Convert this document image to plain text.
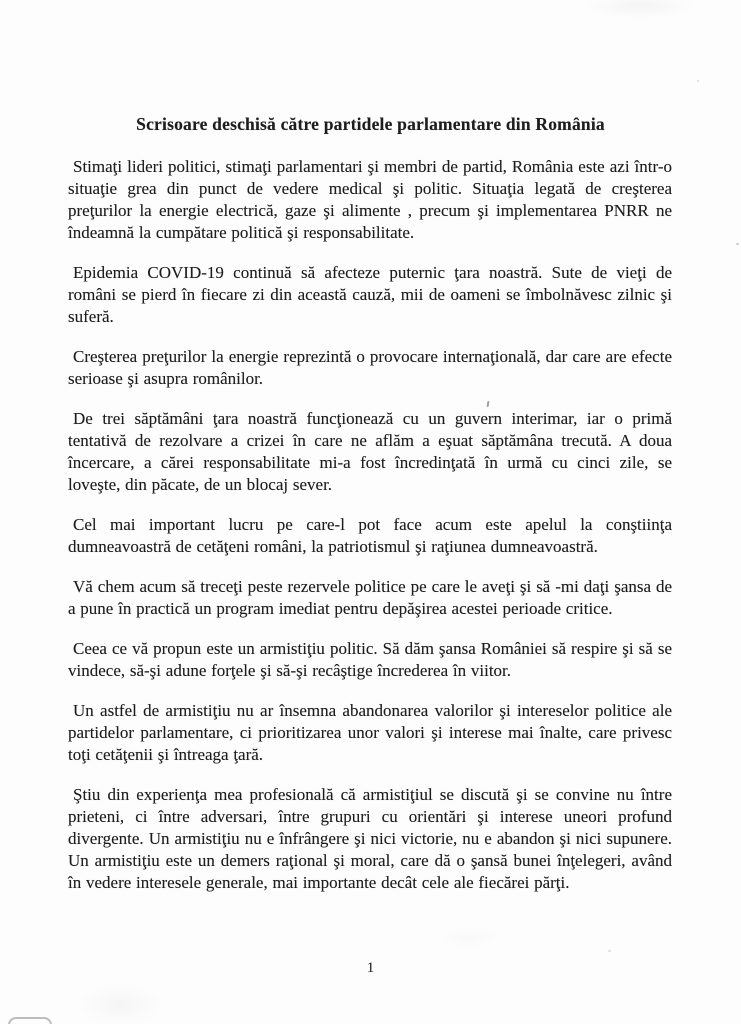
Scrisoare deschisă către partidele parlamentare din România

Stimaţi lideri politici, stimaţi parlamentari şi membri de partid, România este azi într-o situaţie grea din punct de vedere medical şi politic. Situaţia legată de creşterea preţurilor la energie electrică, gaze şi alimente , precum şi implementarea PNRR ne îndeamnă la cumpătare politică şi responsabilitate.

Epidemia COVID-19 continuă să afecteze puternic ţara noastră. Sute de vieţi de români se pierd în fiecare zi din această cauză, mii de oameni se îmbolnăvesc zilnic şi suferă.

Creşterea preţurilor la energie reprezintă o provocare internaţională, dar care are efecte serioase şi asupra românilor.

De trei săptămâni ţara noastră funcţionează cu un guvern interimar, iar o primă tentativă de rezolvare a crizei în care ne aflăm a eşuat săptămâna trecută. A doua încercare, a cărei responsabilitate mi-a fost încredinţată în urmă cu cinci zile, se loveşte, din păcate, de un blocaj sever.

Cel mai important lucru pe care-l pot face acum este apelul la conştiinţa dumneavoastră de cetăţeni români, la patriotismul şi raţiunea dumneavoastră.

Vă chem acum să treceţi peste rezervele politice pe care le aveţi şi să -mi daţi şansa de a pune în practică un program imediat pentru depăşirea acestei perioade critice.

Ceea ce vă propun este un armistiţiu politic. Să dăm şansa României să respire şi să se vindece, să-şi adune forţele şi să-şi recâştige încrederea în viitor.

Un astfel de armistiţiu nu ar însemna abandonarea valorilor şi intereselor politice ale partidelor parlamentare, ci prioritizarea unor valori şi interese mai înalte, care privesc toţi cetăţenii şi întreaga ţară.

Ştiu din experienţa mea profesională că armistiţiul se discută şi se convine nu între prieteni, ci între adversari, între grupuri cu orientări şi interese uneori profund divergente. Un armistiţiu nu e înfrângere şi nici victorie, nu e abandon şi nici supunere. Un armistiţiu este un demers raţional şi moral, care dă o şansă bunei înţelegeri, având în vedere interesele generale, mai importante decât cele ale fiecărei părţi.

1
